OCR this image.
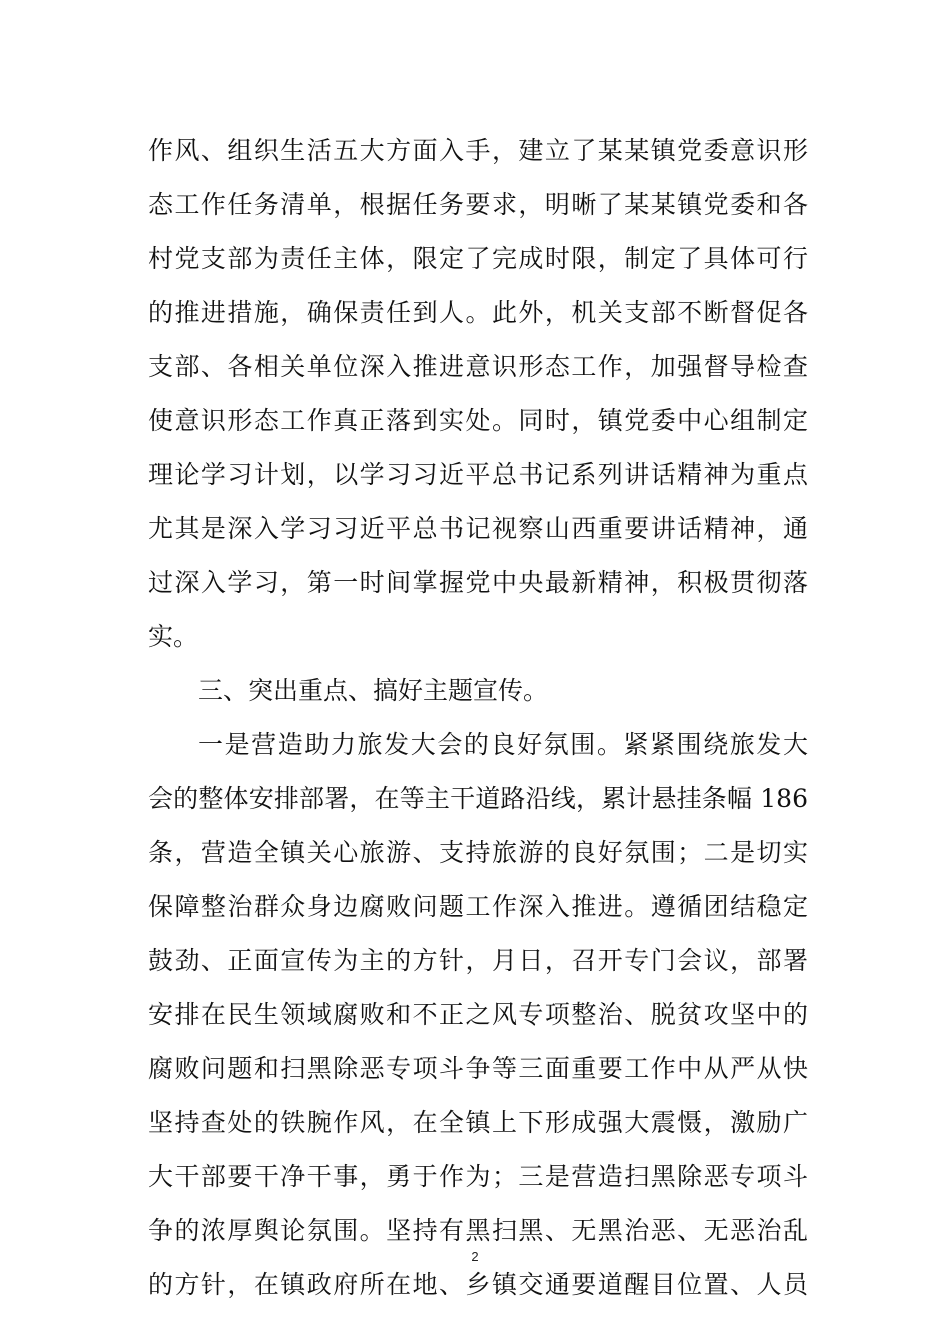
作风、组织生活五大方面入手，建立了某某镇党委意识形
态工作任务清单，根据任务要求，明晰了某某镇党委和各
村党支部为责任主体，限定了完成时限，制定了具体可行
的推进措施，确保责任到人。此外，机关支部不断督促各
支部、各相关单位深入推进意识形态工作，加强督导检查
使意识形态工作真正落到实处。同时，镇党委中心组制定
理论学习计划，以学习习近平总书记系列讲话精神为重点
尤其是深入学习习近平总书记视察山西重要讲话精神，通
过深入学习，第一时间掌握党中央最新精神，积极贯彻落
实。
三、突出重点、搞好主题宣传。
一是营造助力旅发大会的良好氛围。紧紧围绕旅发大
会的整体安排部署，在等主干道路沿线，累计悬挂条幅 186
条，营造全镇关心旅游、支持旅游的良好氛围；二是切实
保障整治群众身边腐败问题工作深入推进。遵循团结稳定
鼓劲、正面宣传为主的方针，月日，召开专门会议，部署
安排在民生领域腐败和不正之风专项整治、脱贫攻坚中的
腐败问题和扫黑除恶专项斗争等三面重要工作中从严从快
坚持查处的铁腕作风，在全镇上下形成强大震慑，激励广
大干部要干净干事，勇于作为；三是营造扫黑除恶专项斗
争的浓厚舆论氛围。坚持有黑扫黑、无黑治恶、无恶治乱
的方针，在镇政府所在地、乡镇交通要道醒目位置、人员
2
